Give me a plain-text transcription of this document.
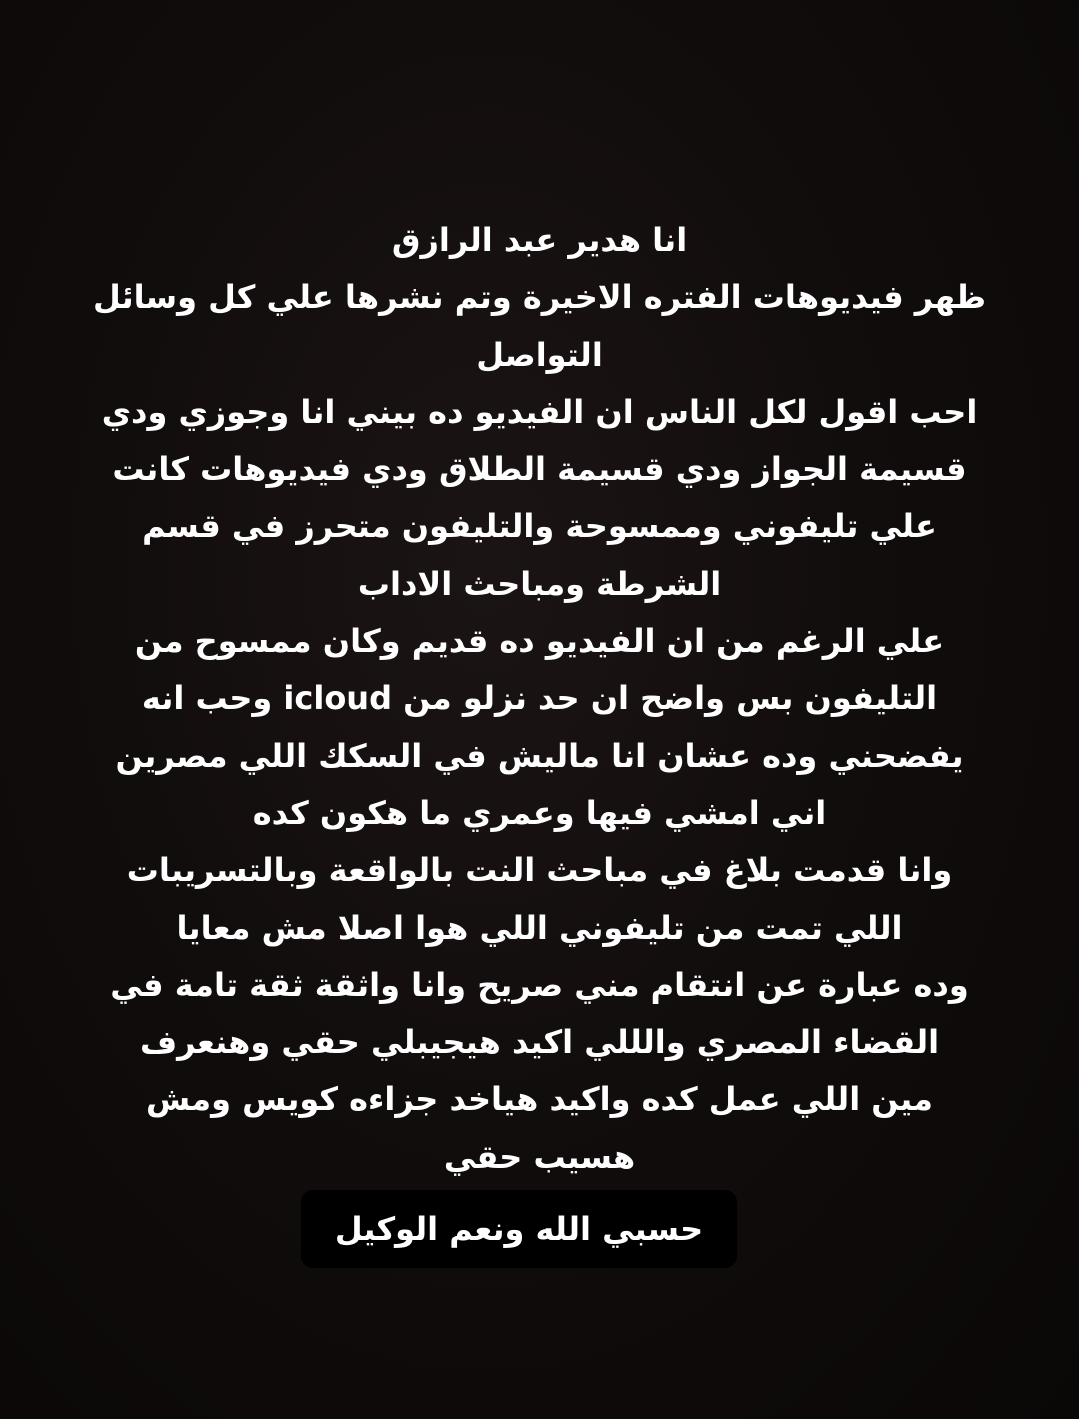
انا هدير عبد الرازق
ظهر فيديوهات الفتره الاخيرة وتم نشرها علي كل وسائل
التواصل
احب اقول لكل الناس ان الفيديو ده بيني انا وجوزي ودي
قسيمة الجواز ودي قسيمة الطلاق ودي فيديوهات كانت
علي تليفوني وممسوحة والتليفون متحرز في قسم
الشرطة ومباحث الاداب
علي الرغم من ان الفيديو ده قديم وكان ممسوح من
التليفون بس واضح ان حد نزلو من icloud وحب انه
يفضحني وده عشان انا ماليش في السكك اللي مصرين
اني امشي فيها وعمري ما هكون كده
وانا قدمت بلاغ في مباحث النت بالواقعة وبالتسريبات
اللي تمت من تليفوني اللي هوا اصلا مش معايا
وده عبارة عن انتقام مني صريح وانا واثقة ثقة تامة في
القضاء المصري والللي اكيد هيجيبلي حقي وهنعرف
مين اللي عمل كده واكيد هياخد جزاءه كويس ومش
هسيب حقي
حسبي الله ونعم الوكيل
